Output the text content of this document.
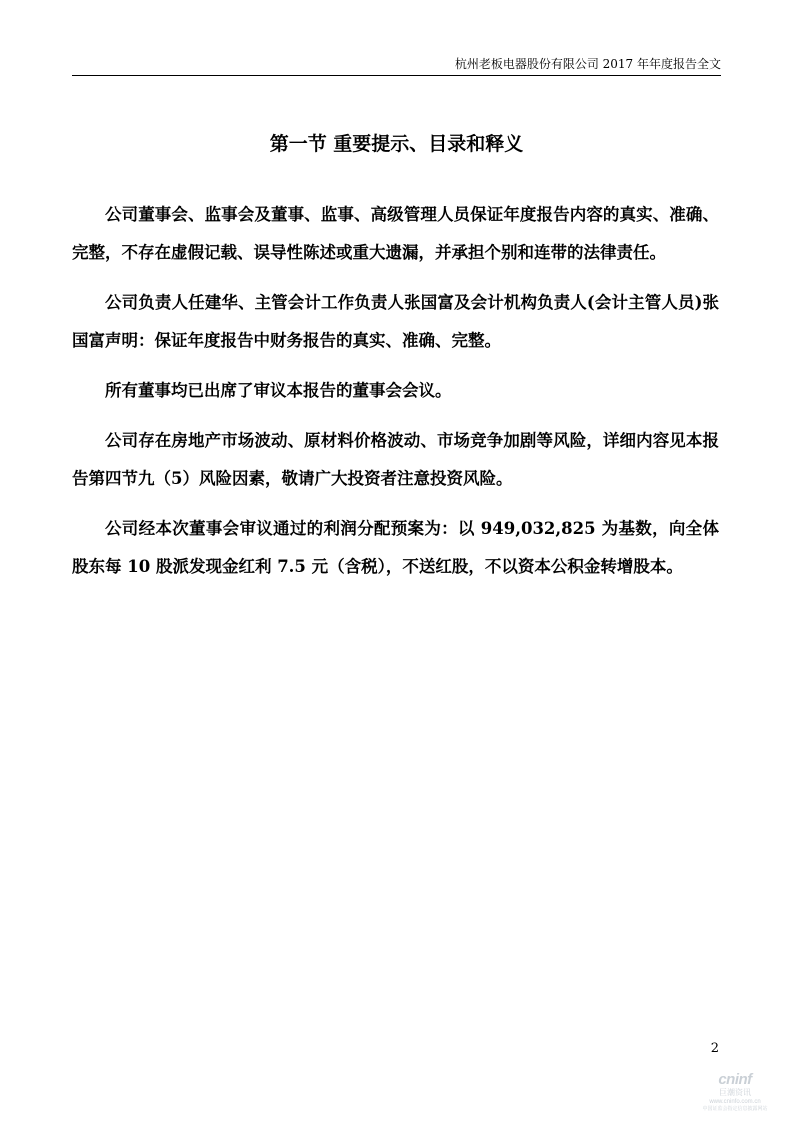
杭州老板电器股份有限公司 2017 年年度报告全文
第一节 重要提示、目录和释义

公司董事会、监事会及董事、监事、高级管理人员保证年度报告内容的真实、准确、完整，不存在虚假记载、误导性陈述或重大遗漏，并承担个别和连带的法律责任。

公司负责人任建华、主管会计工作负责人张国富及会计机构负责人(会计主管人员)张国富声明：保证年度报告中财务报告的真实、准确、完整。

所有董事均已出席了审议本报告的董事会会议。

公司存在房地产市场波动、原材料价格波动、市场竞争加剧等风险，详细内容见本报告第四节九（5）风险因素，敬请广大投资者注意投资风险。

公司经本次董事会审议通过的利润分配预案为：以 949,032,825 为基数，向全体股东每 10 股派发现金红利 7.5 元（含税），不送红股，不以资本公积金转增股本。

2
cninf
巨潮资讯
www.cninfo.com.cn
中国证监会指定信息披露网站
